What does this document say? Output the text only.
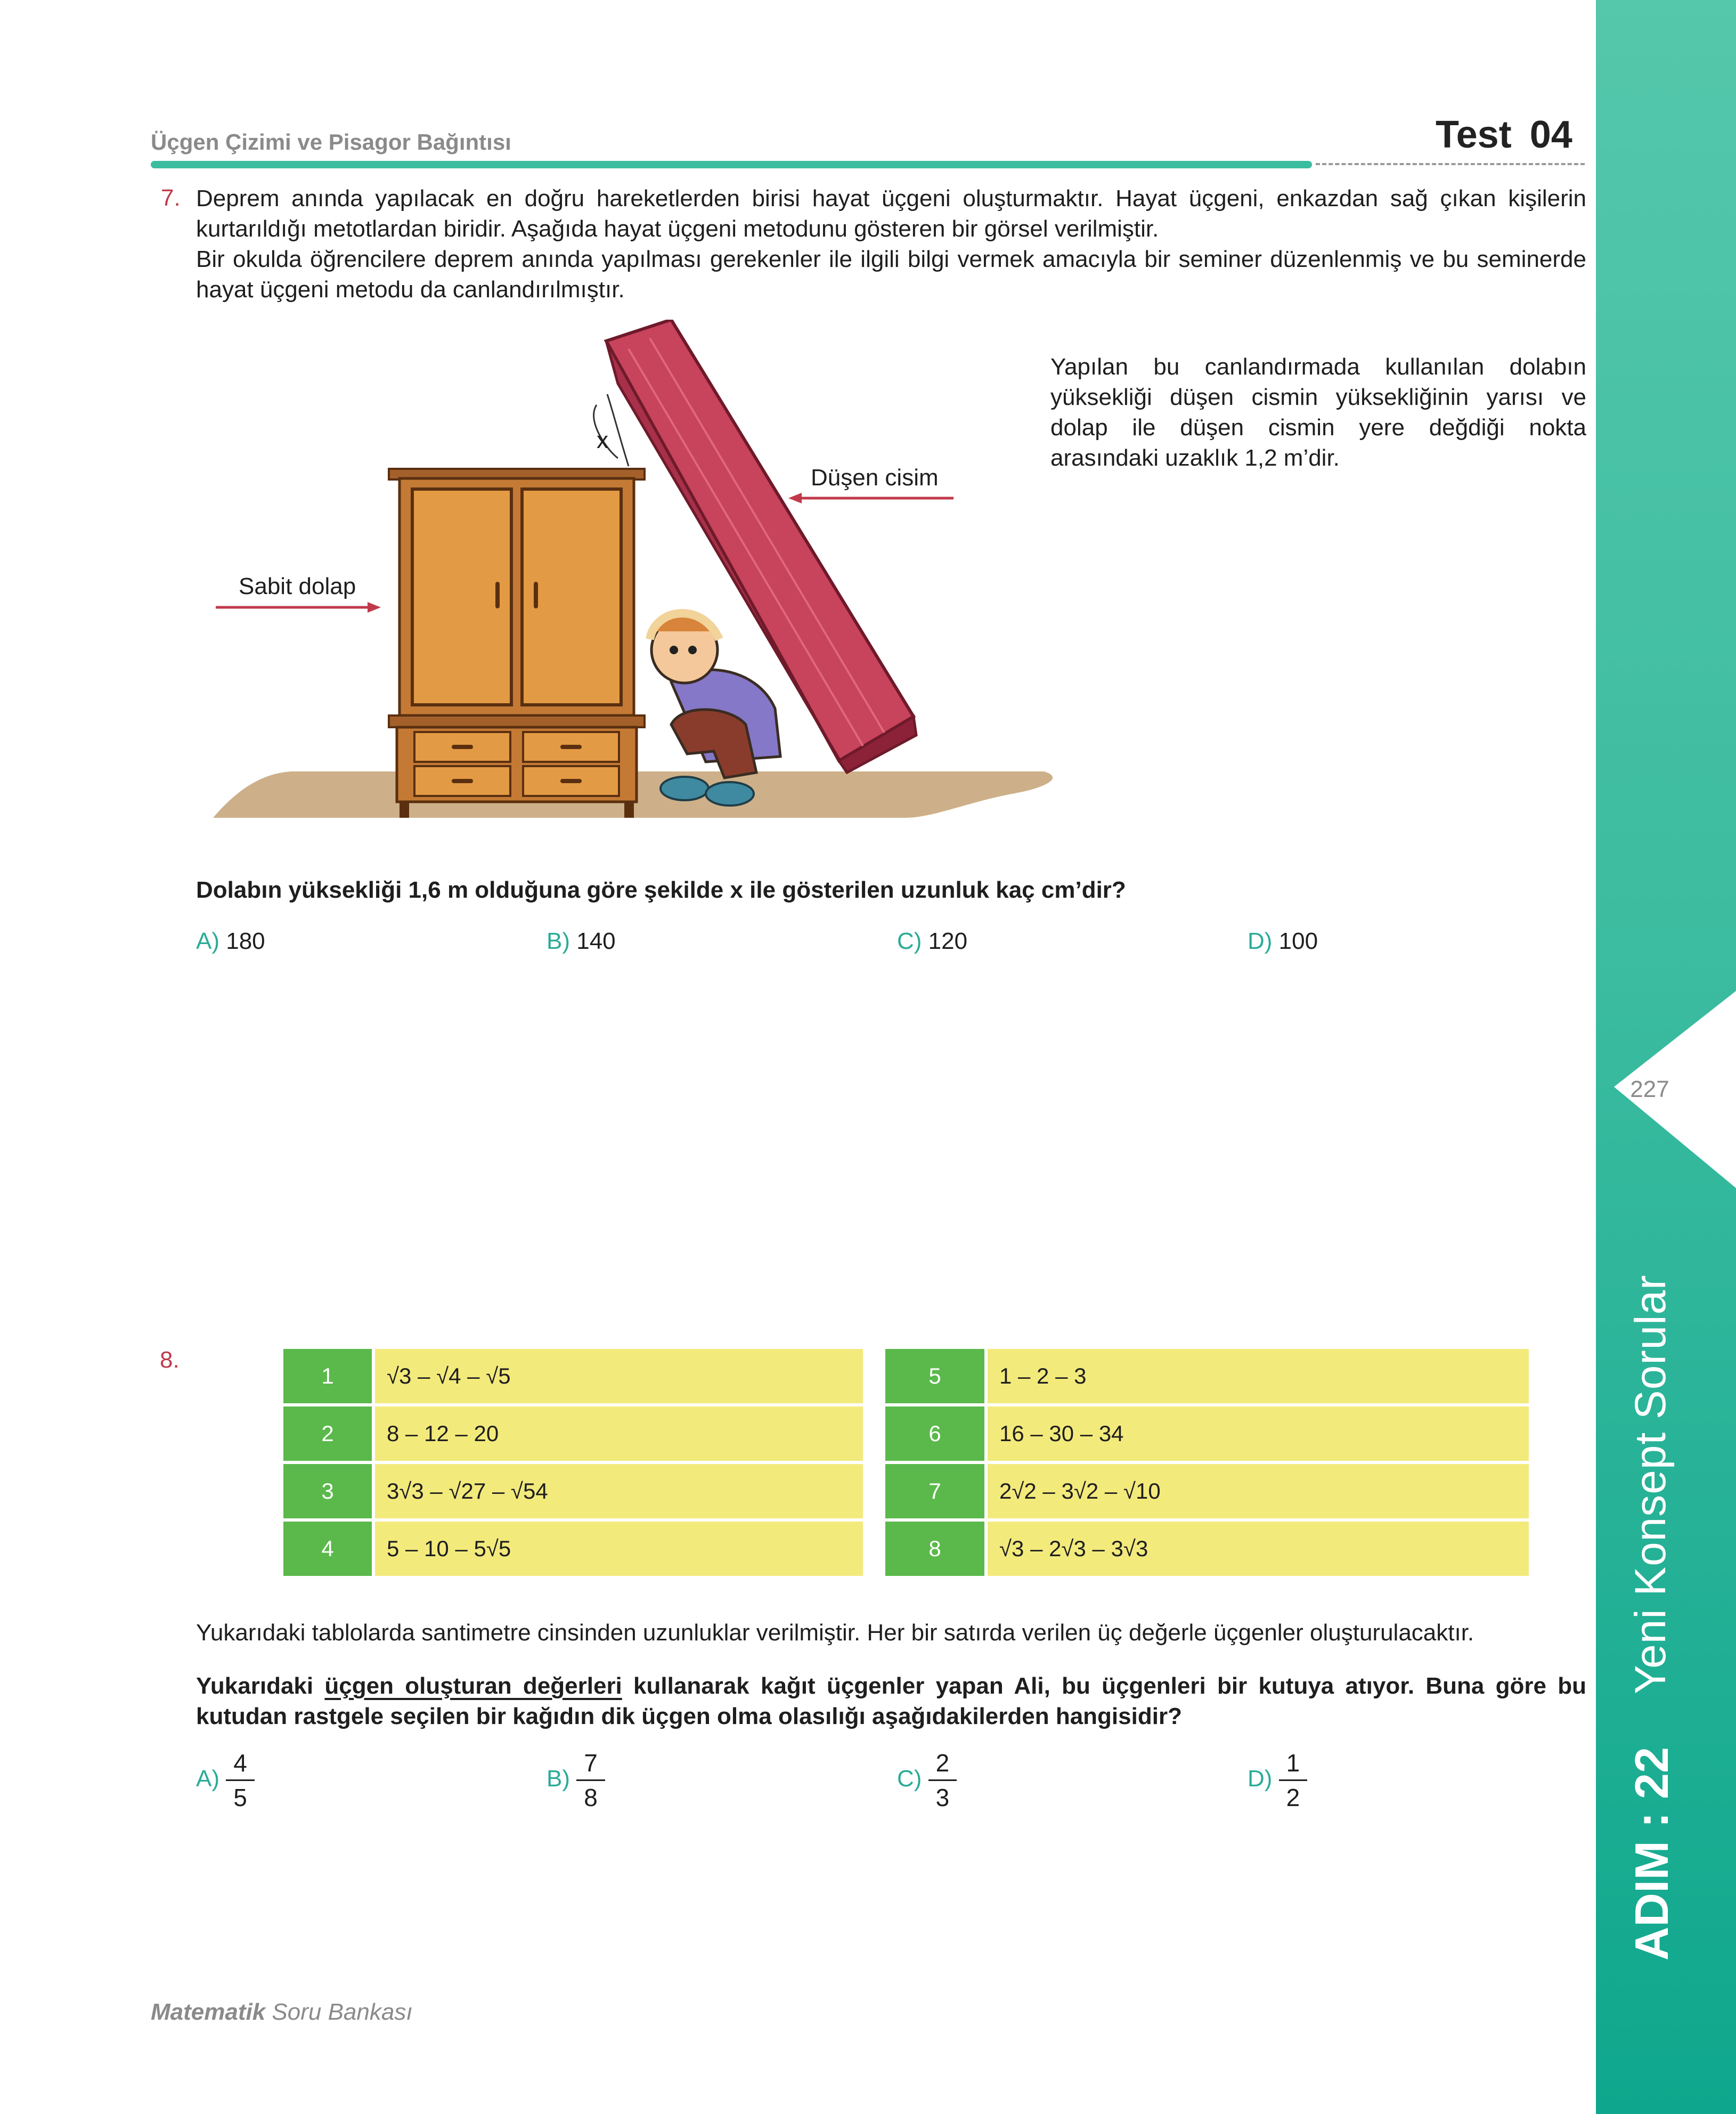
227
Yeni Konsept Sorular
ADIM : 22
Üçgen Çizimi ve Pisagor Bağıntısı	Test 04
7. Deprem anında yapılacak en doğru hareketlerden birisi hayat üçgeni oluşturmaktır. Hayat üçgeni, enkazdan sağ çıkan kişilerin kurtarıldığı metotlardan biridir. Aşağıda hayat üçgeni metodunu gösteren bir görsel verilmiştir.
Bir okulda öğrencilere deprem anında yapılması gerekenler ile ilgili bilgi vermek amacıyla bir seminer düzenlenmiş ve bu seminerde hayat üçgeni metodu da canlandırılmıştır.
Sabit dolap
Düşen cisim
x
Yapılan bu canlandırmada kullanılan dolabın yüksekliği düşen cismin yüksekliğinin yarısı ve dolap ile düşen cismin yere değdiği nokta arasındaki uzaklık 1,2 m’dir.
Dolabın yüksekliği 1,6 m olduğuna göre şekilde x ile gösterilen uzunluk kaç cm’dir?
A) 180	B) 140	C) 120	D) 100
8.
1	√3 – √4 – √5
2	8 – 12 – 20
3	3√3 – √27 – √54
4	5 – 10 – 5√5
5	1 – 2 – 3
6	16 – 30 – 34
7	2√2 – 3√2 – √10
8	√3 – 2√3 – 3√3
Yukarıdaki tablolarda santimetre cinsinden uzunluklar verilmiştir. Her bir satırda verilen üç değerle üçgenler oluşturulacaktır.
Yukarıdaki üçgen oluşturan değerleri kullanarak kağıt üçgenler yapan Ali, bu üçgenleri bir kutuya atıyor. Buna göre bu kutudan rastgele seçilen bir kağıdın dik üçgen olma olasılığı aşağıdakilerden hangisidir?
$A) \frac{4}{5}$	$B) \frac{7}{8}$	$C) \frac{2}{3}$	$D) \frac{1}{2}$
Matematik Soru Bankası
